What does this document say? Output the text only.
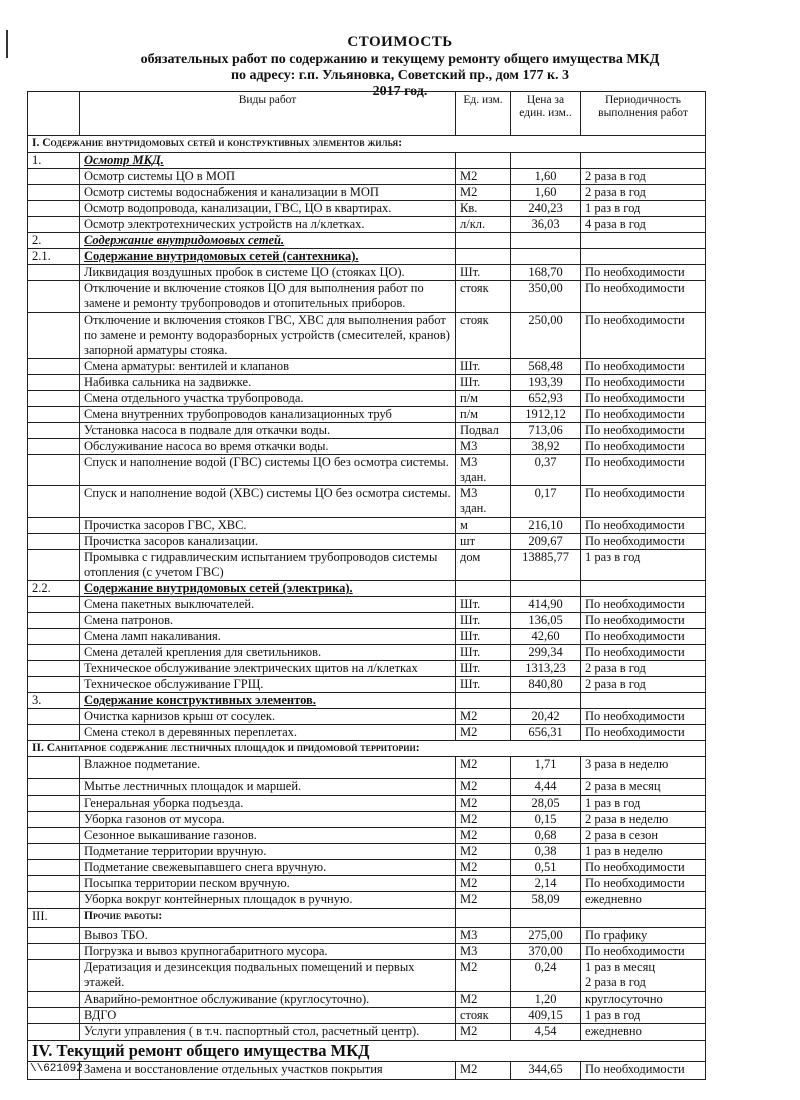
СТОИМОСТЬ
обязательных работ по содержанию и текущему ремонту общего имущества МКД
по адресу: г.п. Ульяновка, Советский пр., дом 177 к. 3
2017 год.
	Виды работ	Ед. изм.	Цена за един. изм..	Периодичность выполнения работ
I. Содержание внутридомовых сетей и конструктивных элементов жилья:				
1.	Осмотр МКД.			
	Осмотр системы ЦО в МОП	М2	1,60	2 раза в год
	Осмотр системы водоснабжения и канализации в МОП	М2	1,60	2 раза в год
	Осмотр водопровода, канализации, ГВС, ЦО в квартирах.	Кв.	240,23	1 раз в год
	Осмотр электротехнических устройств на л/клетках.	л/кл.	36,03	4 раза в год
2.	Содержание внутридомовых сетей.			
2.1.	Содержание внутридомовых сетей (сантехника).			
	Ликвидация воздушных пробок в системе ЦО (стояках ЦО).	Шт.	168,70	По необходимости
	Отключение и включение стояков ЦО для выполнения работ по замене и ремонту трубопроводов и отопительных приборов.	стояк	350,00	По необходимости
	Отключение и включения стояков ГВС, ХВС для выполнения работ по замене и ремонту водоразборных устройств (смесителей, кранов) запорной арматуры стояка.	стояк	250,00	По необходимости
	Смена арматуры: вентилей и клапанов	Шт.	568,48	По необходимости
	Набивка сальника на задвижке.	Шт.	193,39	По необходимости
	Смена отдельного участка трубопровода.	п/м	652,93	По необходимости
	Смена внутренних трубопроводов канализационных труб	п/м	1912,12	По необходимости
	Установка насоса в подвале для откачки воды.	Подвал	713,06	По необходимости
	Обслуживание насоса во время откачки воды.	М3	38,92	По необходимости
	Спуск и наполнение водой (ГВС) системы ЦО без осмотра системы.	М3 здан.	0,37	По необходимости
	Спуск и наполнение водой (ХВС) системы ЦО без осмотра системы.	М3 здан.	0,17	По необходимости
	Прочистка засоров ГВС, ХВС.	м	216,10	По необходимости
	Прочистка засоров канализации.	шт	209,67	По необходимости
	Промывка с гидравлическим испытанием трубопроводов системы отопления (с учетом ГВС)	дом	13885,77	1 раз в год
2.2.	Содержание внутридомовых сетей (электрика).			
	Смена пакетных выключателей.	Шт.	414,90	По необходимости
	Смена патронов.	Шт.	136,05	По необходимости
	Смена ламп накаливания.	Шт.	42,60	По необходимости
	Смена деталей крепления для светильников.	Шт.	299,34	По необходимости
	Техническое обслуживание электрических щитов на л/клетках	Шт.	1313,23	2 раза в год
	Техническое обслуживание ГРЩ.	Шт.	840,80	2 раза в год
3.	Содержание конструктивных элементов.			
	Очистка карнизов крыш от сосулек.	М2	20,42	По необходимости
	Смена стекол в деревянных переплетах.	М2	656,31	По необходимости
II. Санитарное содержание лестничных площадок и придомовой территории:				
	Влажное подметание.	М2	1,71	3 раза в неделю
	Мытье лестничных площадок и маршей.	М2	4,44	2 раза в месяц
	Генеральная уборка подъезда.	М2	28,05	1 раз в год
	Уборка газонов от мусора.	М2	0,15	2 раза в неделю
	Сезонное выкашивание газонов.	М2	0,68	2 раза в сезон
	Подметание территории вручную.	М2	0,38	1 раз в неделю
	Подметание свежевыпавшего снега вручную.	М2	0,51	По необходимости
	Посыпка территории песком вручную.	М2	2,14	По необходимости
	Уборка вокруг контейнерных площадок в ручную.	М2	58,09	ежедневно
III.	Прочие работы:			
	Вывоз ТБО.	М3	275,00	По графику
	Погрузка и вывоз крупногабаритного мусора.	М3	370,00	По необходимости
	Дератизация и дезинсекция подвальных помещений и первых этажей.	М2	0,24	1 раз в месяц
2 раза в год
	Аварийно-ремонтное обслуживание (круглосуточно).	М2	1,20	круглосуточно
	ВДГО	стояк	409,15	1 раз в год
	Услуги управления ( в т.ч. паспортный стол, расчетный центр).	М2	4,54	ежедневно
IV. Текущий ремонт общего имущества МКД				
	Замена и восстановление отдельных участков покрытия	М2	344,65	По необходимости
\\621092
